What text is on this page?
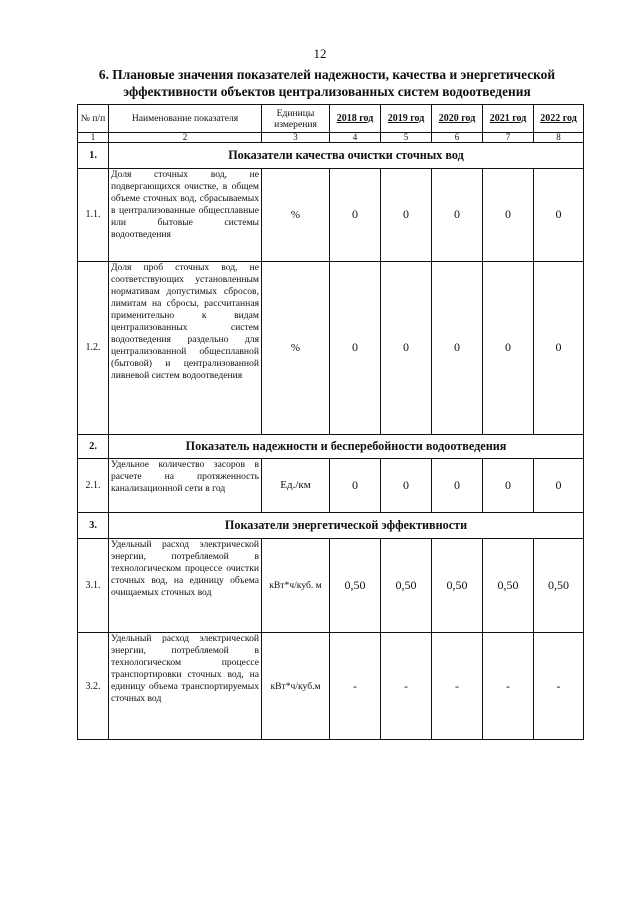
12
6. Плановые значения показателей надежности, качества и энергетической эффективности объектов централизованных систем водоотведения
№ п/п	Наименование показателя	Единицы измерения	2018 год	2019 год	2020 год	2021 год	2022 год
1	2	3	4	5	6	7	8
1.	Показатели качества очистки сточных вод						
1.1.	Доля сточных вод, не подвергающихся очистке, в общем объеме сточных вод, сбрасываемых в централизованные общесплавные или бытовые системы водоотведения	%	0	0	0	0	0
1.2.	Доля проб сточных вод, не соответствующих установленным нормативам допустимых сбросов, лимитам на сбросы, рассчитанная применительно к видам централизованных систем водоотведения раздельно для централизованной общесплавной (бытовой) и централизованной ливневой систем водоотведения	%	0	0	0	0	0
2.	Показатель надежности и бесперебойности водоотведения						
2.1.	Удельное количество засоров в расчете на протяженность канализационной сети в год	Ед./км	0	0	0	0	0
3.	Показатели энергетической эффективности						
3.1.	Удельный расход электрической энергии, потребляемой в технологическом процессе очистки сточных вод, на единицу объема очищаемых сточных вод	кВт*ч/куб. м	0,50	0,50	0,50	0,50	0,50
3.2.	Удельный расход электрической энергии, потребляемой в технологическом процессе транспортировки сточных вод, на единицу объема транспортируемых сточных вод	кВт*ч/куб.м	-	-	-	-	-
